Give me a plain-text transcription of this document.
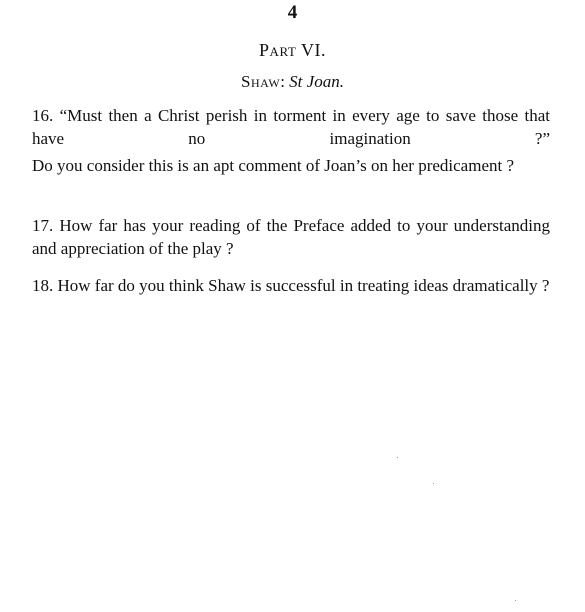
4

Part VI.

Shaw: St Joan.

16. “Must then a Christ perish in torment in every age to save those that have no imagination ?”

Do you consider this is an apt comment of Joan’s on her predicament ?

17. How far has your reading of the Preface added to your understanding and appreciation of the play ?

18. How far do you think Shaw is successful in treating ideas dramatically ?
